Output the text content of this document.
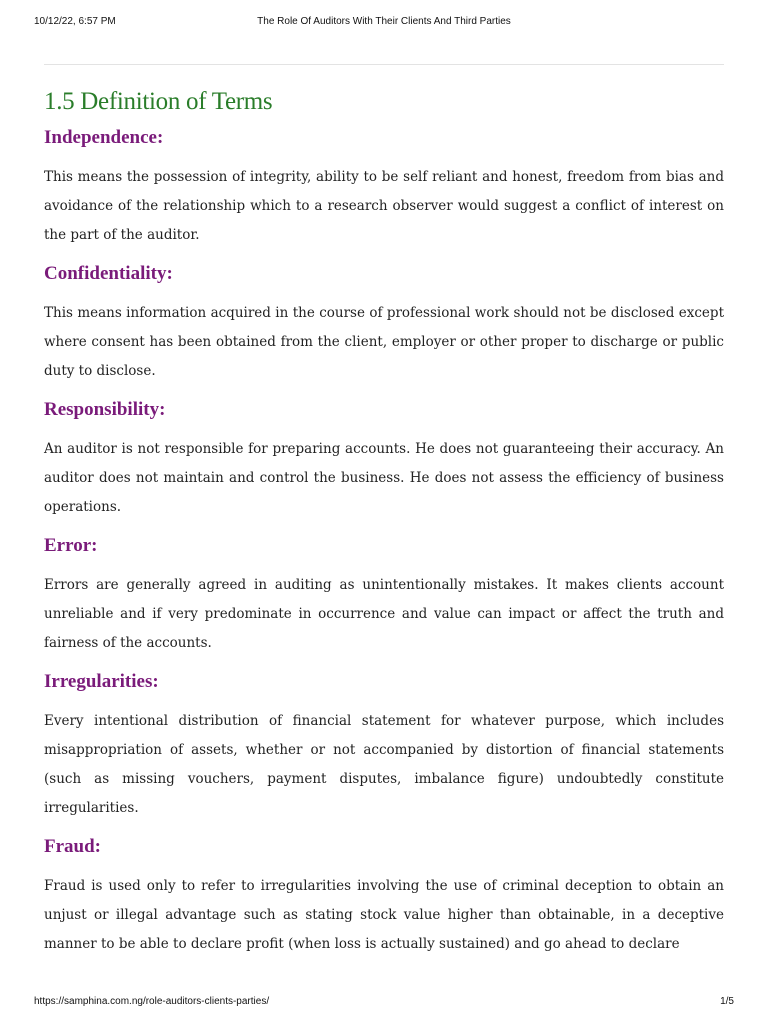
10/12/22, 6:57 PM	The Role Of Auditors With Their Clients And Third Parties
1.5 Definition of Terms
Independence:

This means the possession of integrity, ability to be self reliant and honest, freedom from bias and avoidance of the relationship which to a research observer would suggest a conflict of interest on the part of the auditor.

Confidentiality:

This means information acquired in the course of professional work should not be disclosed except where consent has been obtained from the client, employer or other proper to discharge or public duty to disclose.

Responsibility:

An auditor is not responsible for preparing accounts. He does not guaranteeing their accuracy. An auditor does not maintain and control the business. He does not assess the efficiency of business operations.

Error:

Errors are generally agreed in auditing as unintentionally mistakes. It makes clients account unreliable and if very predominate in occurrence and value can impact or affect the truth and fairness of the accounts.

Irregularities:

Every intentional distribution of financial statement for whatever purpose, which includes misappropriation of assets, whether or not accompanied by distortion of financial statements (such as missing vouchers, payment disputes, imbalance figure) undoubtedly constitute irregularities.

Fraud:

Fraud is used only to refer to irregularities involving the use of criminal deception to obtain an unjust or illegal advantage such as stating stock value higher than obtainable, in a deceptive manner to be able to declare profit (when loss is actually sustained) and go ahead to declare

https://samphina.com.ng/role-auditors-clients-parties/	1/5
